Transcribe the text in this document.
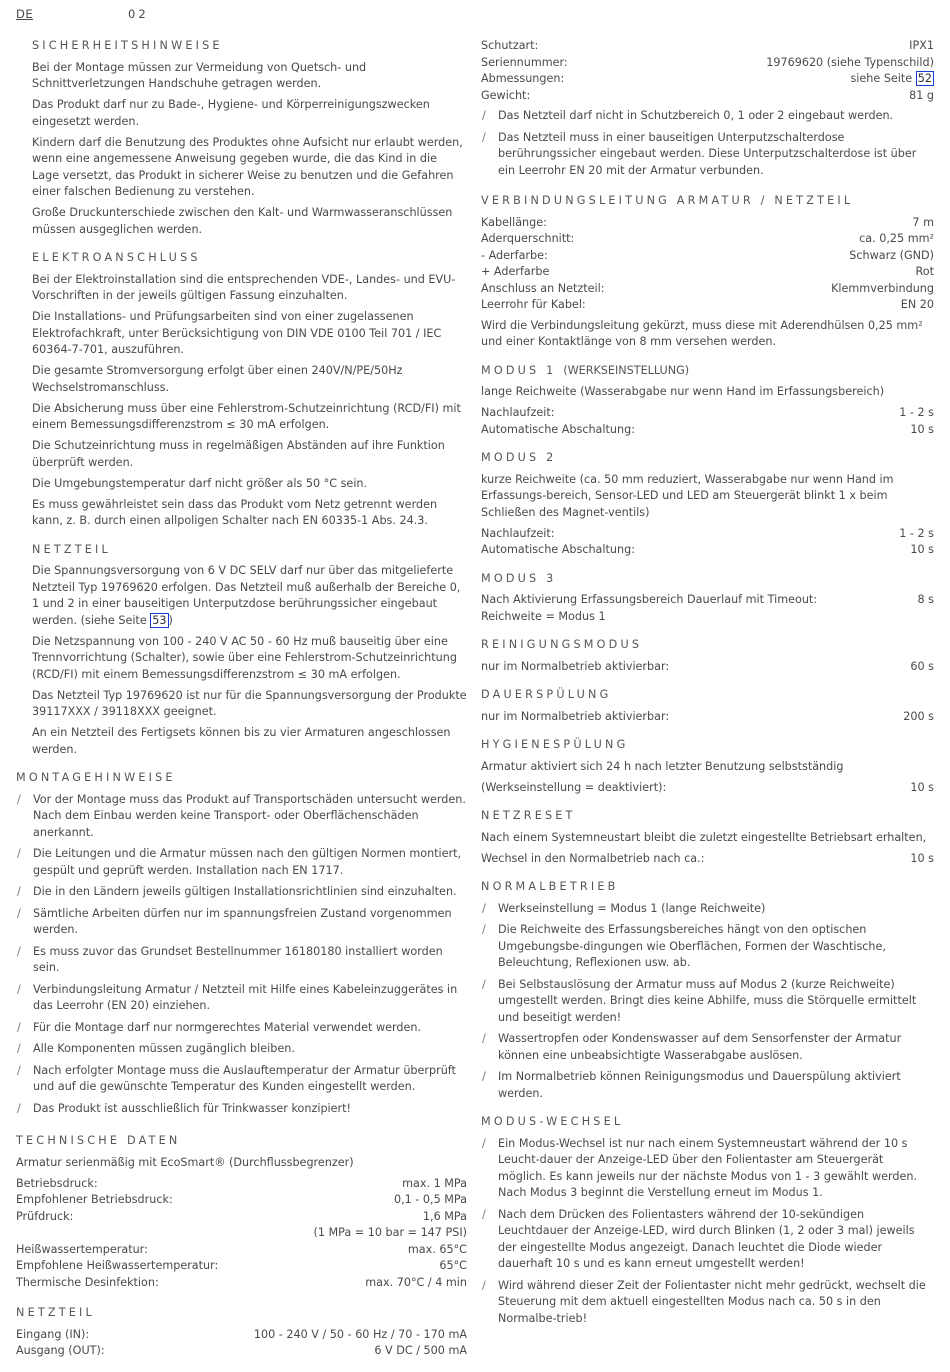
DE	02
SICHERHEITSHINWEISE

Bei der Montage müssen zur Vermeidung von Quetsch- und Schnittverletzungen Handschuhe getragen werden.

Das Produkt darf nur zu Bade-, Hygiene- und Körperreinigungszwecken eingesetzt werden.

Kindern darf die Benutzung des Produktes ohne Aufsicht nur erlaubt werden, wenn eine angemessene Anweisung gegeben wurde, die das Kind in die Lage versetzt, das Produkt in sicherer Weise zu benutzen und die Gefahren einer falschen Bedienung zu verstehen.

Große Druckunterschiede zwischen den Kalt- und Warmwasseranschlüssen müssen ausgeglichen werden.

ELEKTROANSCHLUSS

Bei der Elektroinstallation sind die entsprechenden VDE-, Landes- und EVU-Vorschriften in der jeweils gültigen Fassung einzuhalten.

Die Installations- und Prüfungsarbeiten sind von einer zugelassenen Elektrofachkraft, unter Berücksichtigung von DIN VDE 0100 Teil 701 / IEC 60364-7-701, auszuführen.

Die gesamte Stromversorgung erfolgt über einen 240V/N/PE/50Hz Wechselstromanschluss.

Die Absicherung muss über eine Fehlerstrom-Schutzeinrichtung (RCD/FI) mit einem Bemessungsdifferenzstrom ≤ 30 mA erfolgen.

Die Schutzeinrichtung muss in regelmäßigen Abständen auf ihre Funktion überprüft werden.

Die Umgebungstemperatur darf nicht größer als 50 °C sein.

Es muss gewährleistet sein dass das Produkt vom Netz getrennt werden kann, z. B. durch einen allpoligen Schalter nach EN 60335-1 Abs. 24.3.

NETZTEIL

Die Spannungsversorgung von 6 V DC SELV darf nur über das mitgelieferte Netzteil Typ 19769620 erfolgen. Das Netzteil muß außerhalb der Bereiche 0, 1 und 2 in einer bauseitigen Unterputzdose berührungssicher eingebaut werden. (siehe Seite 53 )

Die Netzspannung von 100 - 240 V AC 50 - 60 Hz muß bauseitig über eine Trennvorrichtung (Schalter), sowie über eine Fehlerstrom-Schutzeinrichtung (RCD/FI) mit einem Bemessungsdifferenzstrom ≤ 30 mA erfolgen.

Das Netzteil Typ 19769620 ist nur für die Spannungsversorgung der Produkte 39117XXX / 39118XXX geeignet.

An ein Netzteil des Fertigsets können bis zu vier Armaturen angeschlossen werden.

MONTAGEHINWEISE
/ Vor der Montage muss das Produkt auf Transportschäden untersucht werden. Nach dem Einbau werden keine Transport- oder Oberflächenschäden anerkannt.
/ Die Leitungen und die Armatur müssen nach den gültigen Normen montiert, gespült und geprüft werden. Installation nach EN 1717.
/ Die in den Ländern jeweils gültigen Installationsrichtlinien sind einzuhalten.
/ Sämtliche Arbeiten dürfen nur im spannungsfreien Zustand vorgenommen werden.
/ Es muss zuvor das Grundset Bestellnummer 16180180 installiert worden sein.
/ Verbindungsleitung Armatur / Netzteil mit Hilfe eines Kabeleinzuggerätes in das Leerrohr (EN 20) einziehen.
/ Für die Montage darf nur normgerechtes Material verwendet werden.
/ Alle Komponenten müssen zugänglich bleiben.
/ Nach erfolgter Montage muss die Auslauftemperatur der Armatur überprüft und auf die gewünschte Temperatur des Kunden eingestellt werden.
/ Das Produkt ist ausschließlich für Trinkwasser konzipiert!
TECHNISCHE DATEN

Armatur serienmäßig mit EcoSmart® (Durchflussbegrenzer)

Betriebsdruck:	max. 1 MPa
Empfohlener Betriebsdruck:	0,1 - 0,5 MPa
Prüfdruck:	1,6 MPa
(1 MPa = 10 bar = 147 PSI)
Heißwassertemperatur:	max. 65°C
Empfohlene Heißwassertemperatur:	65°C
Thermische Desinfektion:	max. 70°C / 4 min
NETZTEIL
Eingang (IN):	100 - 240 V / 50 - 60 Hz / 70 - 170 mA
Ausgang (OUT):	6 V DC / 500 mA
Schutzart:	IPX1
Seriennummer:	19769620 (siehe Typenschild)
Abmessungen:	siehe Seite 52
Gewicht:	81 g
/ Das Netzteil darf nicht in Schutzbereich 0, 1 oder 2 eingebaut werden.
/ Das Netzteil muss in einer bauseitigen Unterputzschalterdose berührungssicher eingebaut werden. Diese Unterputzschalterdose ist über ein Leerrohr EN 20 mit der Armatur verbunden.
VERBINDUNGSLEITUNG ARMATUR / NETZTEIL
Kabellänge:	7 m
Aderquerschnitt:	ca. 0,25 mm²
- Aderfarbe:	Schwarz (GND)
+ Aderfarbe	Rot
Anschluss an Netzteil:	Klemmverbindung
Leerrohr für Kabel:	EN 20

Wird die Verbindungsleitung gekürzt, muss diese mit Aderendhülsen 0,25 mm² und einer Kontaktlänge von 8 mm versehen werden.

MODUS 1 (WERKSEINSTELLUNG)

lange Reichweite (Wasserabgabe nur wenn Hand im Erfassungsbereich)

Nachlaufzeit:	1 - 2 s
Automatische Abschaltung:	10 s
MODUS 2

kurze Reichweite (ca. 50 mm reduziert, Wasserabgabe nur wenn Hand im Erfassungs-bereich, Sensor-LED und LED am Steuergerät blinkt 1 x beim Schließen des Magnet-ventils)

Nachlaufzeit:	1 - 2 s
Automatische Abschaltung:	10 s
MODUS 3
Nach Aktivierung Erfassungsbereich Dauerlauf mit Timeout:	8 s

Reichweite = Modus 1

REINIGUNGSMODUS
nur im Normalbetrieb aktivierbar:	60 s
DAUERSPÜLUNG
nur im Normalbetrieb aktivierbar:	200 s
HYGIENESPÜLUNG

Armatur aktiviert sich 24 h nach letzter Benutzung selbstständig

(Werkseinstellung = deaktiviert):	10 s
NETZRESET

Nach einem Systemneustart bleibt die zuletzt eingestellte Betriebsart erhalten,

Wechsel in den Normalbetrieb nach ca.:	10 s
NORMALBETRIEB
/ Werkseinstellung = Modus 1 (lange Reichweite)
/ Die Reichweite des Erfassungsbereiches hängt von den optischen Umgebungsbe-dingungen wie Oberflächen, Formen der Waschtische, Beleuchtung, Reflexionen usw. ab.
/ Bei Selbstauslösung der Armatur muss auf Modus 2 (kurze Reichweite) umgestellt werden. Bringt dies keine Abhilfe, muss die Störquelle ermittelt und beseitigt werden!
/ Wassertropfen oder Kondenswasser auf dem Sensorfenster der Armatur können eine unbeabsichtigte Wasserabgabe auslösen.
/ Im Normalbetrieb können Reinigungsmodus und Dauerspülung aktiviert werden.
MODUS-WECHSEL
/ Ein Modus-Wechsel ist nur nach einem Systemneustart während der 10 s Leucht-dauer der Anzeige-LED über den Folientaster am Steuergerät möglich. Es kann jeweils nur der nächste Modus von 1 - 3 gewählt werden. Nach Modus 3 beginnt die Verstellung erneut im Modus 1.
/ Nach dem Drücken des Folientasters während der 10-sekündigen Leuchtdauer der Anzeige-LED, wird durch Blinken (1, 2 oder 3 mal) jeweils der eingestellte Modus angezeigt. Danach leuchtet die Diode wieder dauerhaft 10 s und es kann erneut umgestellt werden!
/ Wird während dieser Zeit der Folientaster nicht mehr gedrückt, wechselt die Steuerung mit dem aktuell eingestellten Modus nach ca. 50 s in den Normalbe-trieb!
